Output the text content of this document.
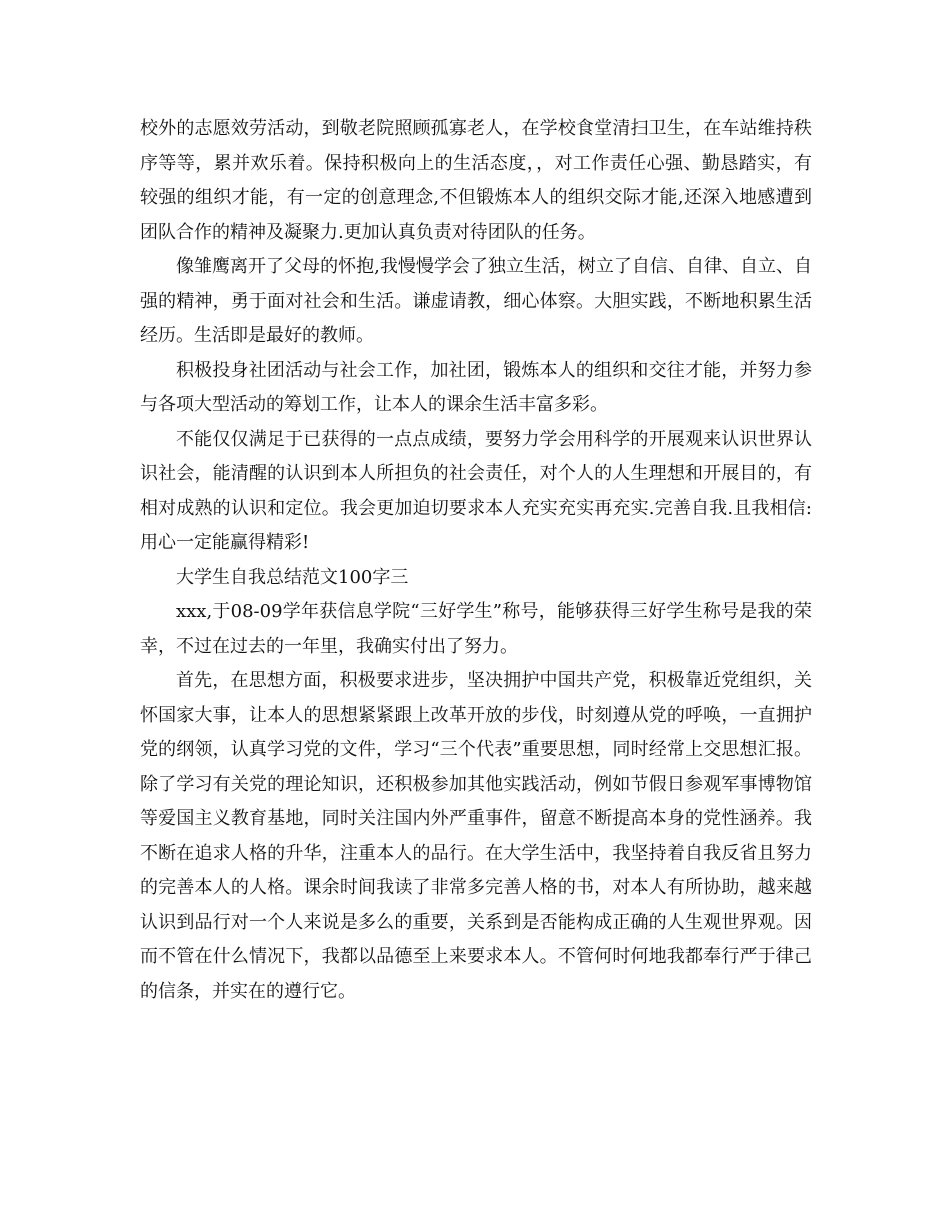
校外的志愿效劳活动，到敬老院照顾孤寡老人，在学校食堂清扫卫生，在车站维持秩序等等，累并欢乐着。保持积极向上的生活态度，，对工作责任心强、勤恳踏实，有较强的组织才能，有一定的创意理念,不但锻炼本人的组织交际才能,还深入地感遭到团队合作的精神及凝聚力.更加认真负责对待团队的任务。

像雏鹰离开了父母的怀抱,我慢慢学会了独立生活，树立了自信、自律、自立、自强的精神，勇于面对社会和生活。谦虚请教，细心体察。大胆实践，不断地积累生活经历。生活即是最好的教师。

积极投身社团活动与社会工作，加社团，锻炼本人的组织和交往才能，并努力参与各项大型活动的筹划工作，让本人的课余生活丰富多彩。

不能仅仅满足于已获得的一点点成绩，要努力学会用科学的开展观来认识世界认识社会，能清醒的认识到本人所担负的社会责任，对个人的人生理想和开展目的，有相对成熟的认识和定位。我会更加迫切要求本人充实充实再充实.完善自我.且我相信:用心一定能赢得精彩!

大学生自我总结范文100字三

xxx,于08-09学年获信息学院“三好学生”称号，能够获得三好学生称号是我的荣幸，不过在过去的一年里，我确实付出了努力。

首先，在思想方面，积极要求进步，坚决拥护中国共产党，积极靠近党组织，关怀国家大事，让本人的思想紧紧跟上改革开放的步伐，时刻遵从党的呼唤，一直拥护党的纲领，认真学习党的文件，学习“三个代表”重要思想，同时经常上交思想汇报。除了学习有关党的理论知识，还积极参加其他实践活动，例如节假日参观军事博物馆等爱国主义教育基地，同时关注国内外严重事件，留意不断提高本身的党性涵养。我不断在追求人格的升华，注重本人的品行。在大学生活中，我坚持着自我反省且努力的完善本人的人格。课余时间我读了非常多完善人格的书，对本人有所协助，越来越认识到品行对一个人来说是多么的重要，关系到是否能构成正确的人生观世界观。因而不管在什么情况下，我都以品德至上来要求本人。不管何时何地我都奉行严于律己的信条，并实在的遵行它。
